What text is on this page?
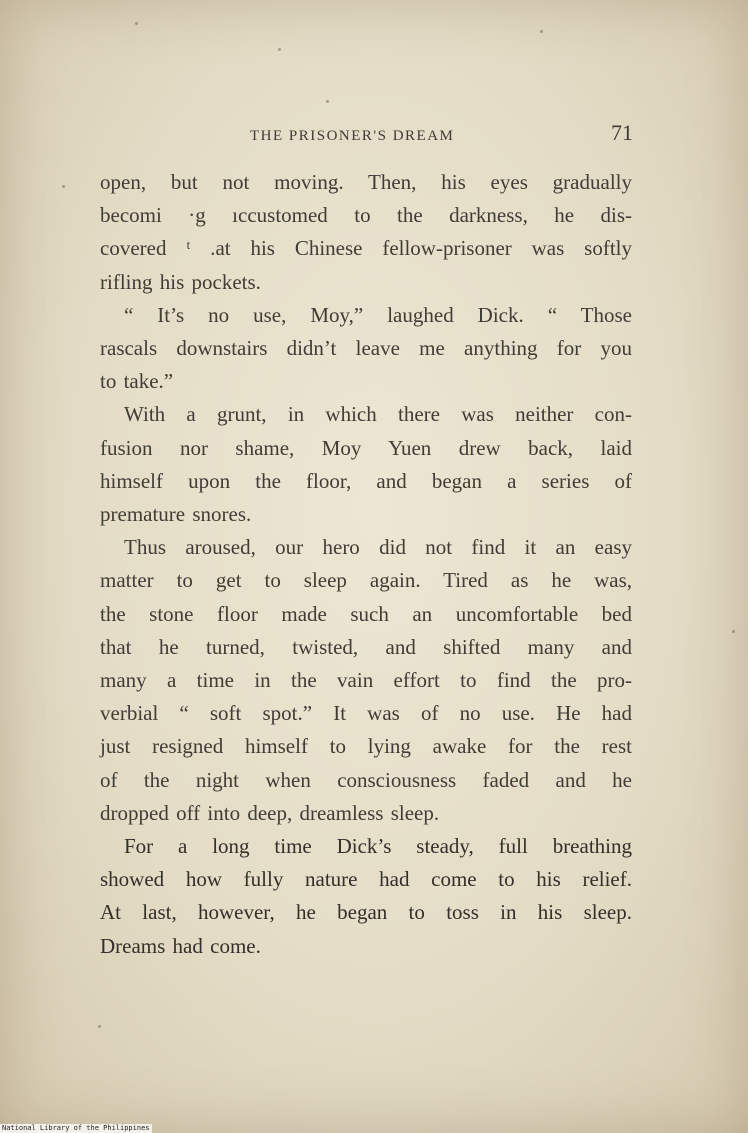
THE PRISONER'S DREAM	71

open, but not moving. Then, his eyes gradually

becomi ·g ıccustomed to the darkness, he dis-

covered ᵗ .at his Chinese fellow-prisoner was softly

rifling his pockets.

“ It’s no use, Moy,” laughed Dick. “ Those

rascals downstairs didn’t leave me anything for you

to take.”

With a grunt, in which there was neither con-

fusion nor shame, Moy Yuen drew back, laid

himself upon the floor, and began a series of

premature snores.

Thus aroused, our hero did not find it an easy

matter to get to sleep again. Tired as he was,

the stone floor made such an uncomfortable bed

that he turned, twisted, and shifted many and

many a time in the vain effort to find the pro-

verbial “ soft spot.” It was of no use. He had

just resigned himself to lying awake for the rest

of the night when consciousness faded and he

dropped off into deep, dreamless sleep.

For a long time Dick’s steady, full breathing

showed how fully nature had come to his relief.

At last, however, he began to toss in his sleep.

Dreams had come.

National Library of the Philippines
